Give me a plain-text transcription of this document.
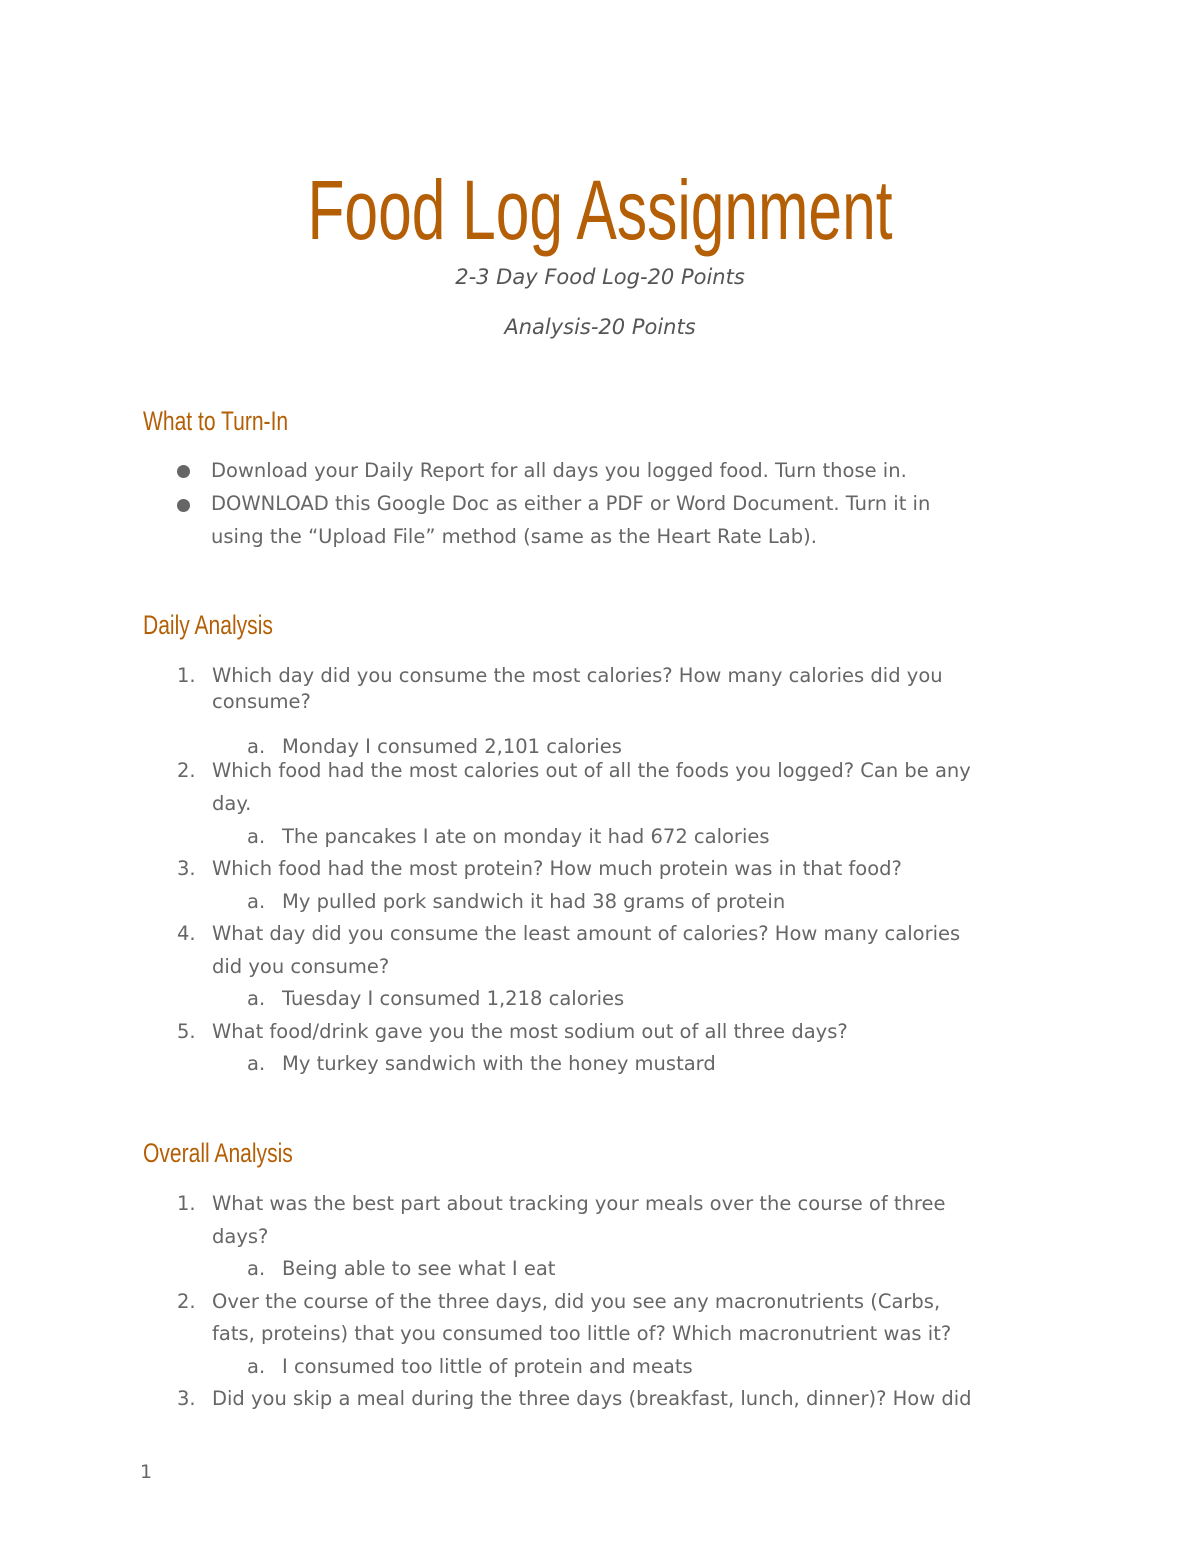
Food Log Assignment
2-3 Day Food Log-20 Points
Analysis-20 Points
What to Turn-In
Download your Daily Report for all days you logged food. Turn those in.
DOWNLOAD this Google Doc as either a PDF or Word Document. Turn it in
using the “Upload File” method (same as the Heart Rate Lab).
Daily Analysis
1. Which day did you consume the most calories? How many calories did you
consume?
a. Monday I consumed 2,101 calories
2. Which food had the most calories out of all the foods you logged? Can be any
day.
a. The pancakes I ate on monday it had 672 calories
3. Which food had the most protein? How much protein was in that food?
a. My pulled pork sandwich it had 38 grams of protein
4. What day did you consume the least amount of calories? How many calories
did you consume?
a. Tuesday I consumed 1,218 calories
5. What food/drink gave you the most sodium out of all three days?
a. My turkey sandwich with the honey mustard
Overall Analysis
1. What was the best part about tracking your meals over the course of three
days?
a. Being able to see what I eat
2. Over the course of the three days, did you see any macronutrients (Carbs,
fats, proteins) that you consumed too little of? Which macronutrient was it?
a. I consumed too little of protein and meats
3. Did you skip a meal during the three days (breakfast, lunch, dinner)? How did
1
